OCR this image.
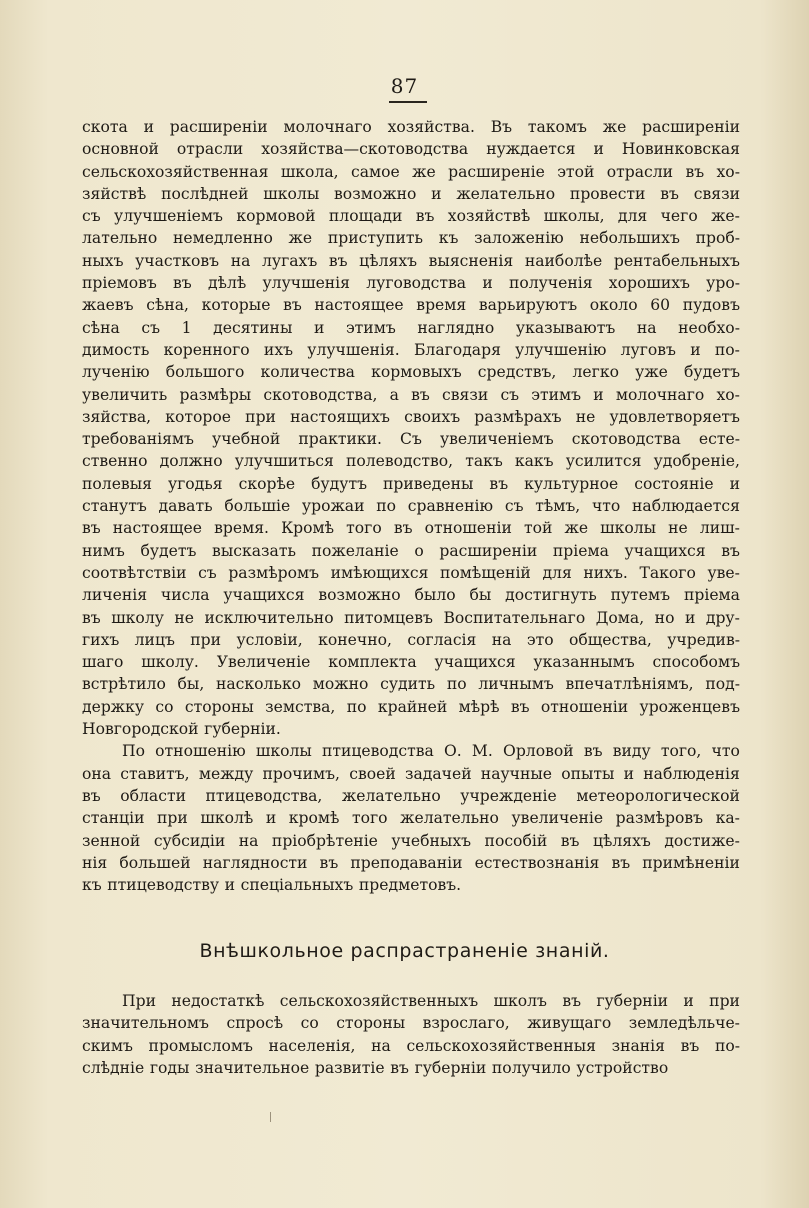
87
скота и расширеніи молочнаго хозяйства. Въ такомъ же расширеніи
основной отрасли хозяйства—скотоводства нуждается и Новинковская
сельскохозяйственная школа, самое же расширеніе этой отрасли въ хо-
зяйствѣ послѣдней школы возможно и желательно провести въ связи
съ улучшеніемъ кормовой площади въ хозяйствѣ школы, для чего же-
лательно немедленно же приступить къ заложенію небольшихъ проб-
ныхъ участковъ на лугахъ въ цѣляхъ выясненія наиболѣе рентабельныхъ
пріемовъ въ дѣлѣ улучшенія луговодства и полученія хорошихъ уро-
жаевъ сѣна, которые въ настоящее время варьируютъ около 60 пудовъ
сѣна съ 1 десятины и этимъ наглядно указываютъ на необхо-
димость коренного ихъ улучшенія. Благодаря улучшенію луговъ и по-
лученію большого количества кормовыхъ средствъ, легко уже будетъ
увеличить размѣры скотоводства, а въ связи съ этимъ и молочнаго хо-
зяйства, которое при настоящихъ своихъ размѣрахъ не удовлетворяетъ
требованіямъ учебной практики. Съ увеличеніемъ скотоводства есте-
ственно должно улучшиться полеводство, такъ какъ усилится удобреніе,
полевыя угодья скорѣе будутъ приведены въ культурное состояніе и
станутъ давать большіе урожаи по сравненію съ тѣмъ, что наблюдается
въ настоящее время. Кромѣ того въ отношеніи той же школы не лиш-
нимъ будетъ высказать пожеланіе о расширеніи пріема учащихся въ
соотвѣтствіи съ размѣромъ имѣющихся помѣщеній для нихъ. Такого уве-
личенія числа учащихся возможно было бы достигнуть путемъ пріема
въ школу не исключительно питомцевъ Воспитательнаго Дома, но и дру-
гихъ лицъ при условіи, конечно, согласія на это общества, учредив-
шаго школу. Увеличеніе комплекта учащихся указаннымъ способомъ
встрѣтило бы, насколько можно судить по личнымъ впечатлѣніямъ, под-
держку со стороны земства, по крайней мѣрѣ въ отношеніи уроженцевъ
Новгородской губерніи.
По отношенію школы птицеводства О. М. Орловой въ виду того, что
она ставитъ, между прочимъ, своей задачей научные опыты и наблюденія
въ области птицеводства, желательно учрежденіе метеорологической
станціи при школѣ и кромѣ того желательно увеличеніе размѣровъ ка-
зенной субсидіи на пріобрѣтеніе учебныхъ пособій въ цѣляхъ достиже-
нія большей наглядности въ преподаваніи естествознанія въ примѣненіи
къ птицеводству и спеціальныхъ предметовъ.
Внѣшкольное распрастраненіе знаній.
При недостаткѣ сельскохозяйственныхъ школъ въ губерніи и при
значительномъ спросѣ со стороны взрослаго, живущаго земледѣльче-
скимъ промысломъ населенія, на сельскохозяйственныя знанія въ по-
слѣдніе годы значительное развитіе въ губерніи получило устройство
